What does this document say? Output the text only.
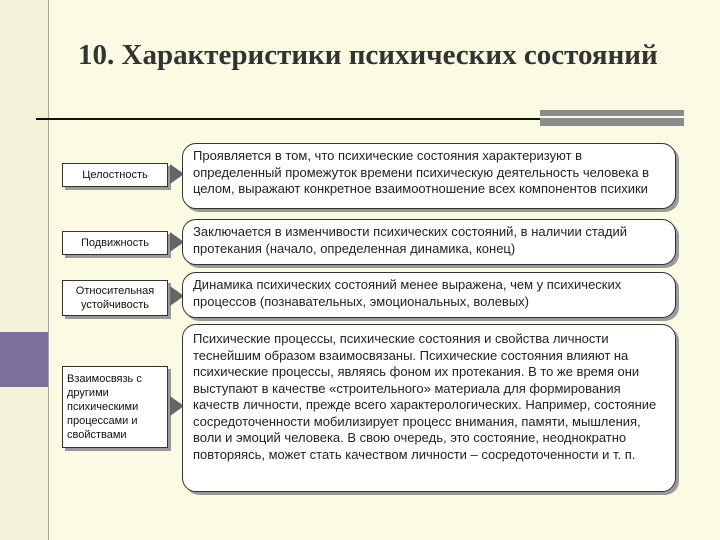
10. Характеристики психических состояний
Целостность
Проявляется в том, что психические состояния характеризуют в определенный промежуток времени психическую деятельность человека в целом, выражают конкретное взаимоотношение всех компонентов психики
Подвижность
Заключается в изменчивости психических состояний, в наличии стадий протекания (начало, определенная динамика, конец)
Относительная устойчивость
Динамика психических состояний менее выражена, чем у психических процессов (познавательных, эмоциональных, волевых)
Взаимосвязь с другими психическими процессами и свойствами
Психические процессы, психические состояния и свойства личности теснейшим образом взаимосвязаны. Психические состояния влияют на психические процессы, являясь фоном их протекания. В то же время они выступают в качестве «строительного» материала для формирования качеств личности, прежде всего характерологических. Например, состояние сосредоточенности мобилизирует процесс внимания, памяти, мышления, воли и эмоций человека. В свою очередь, это состояние, неоднократно повторяясь, может стать качеством личности – сосредоточенности и т. п.
